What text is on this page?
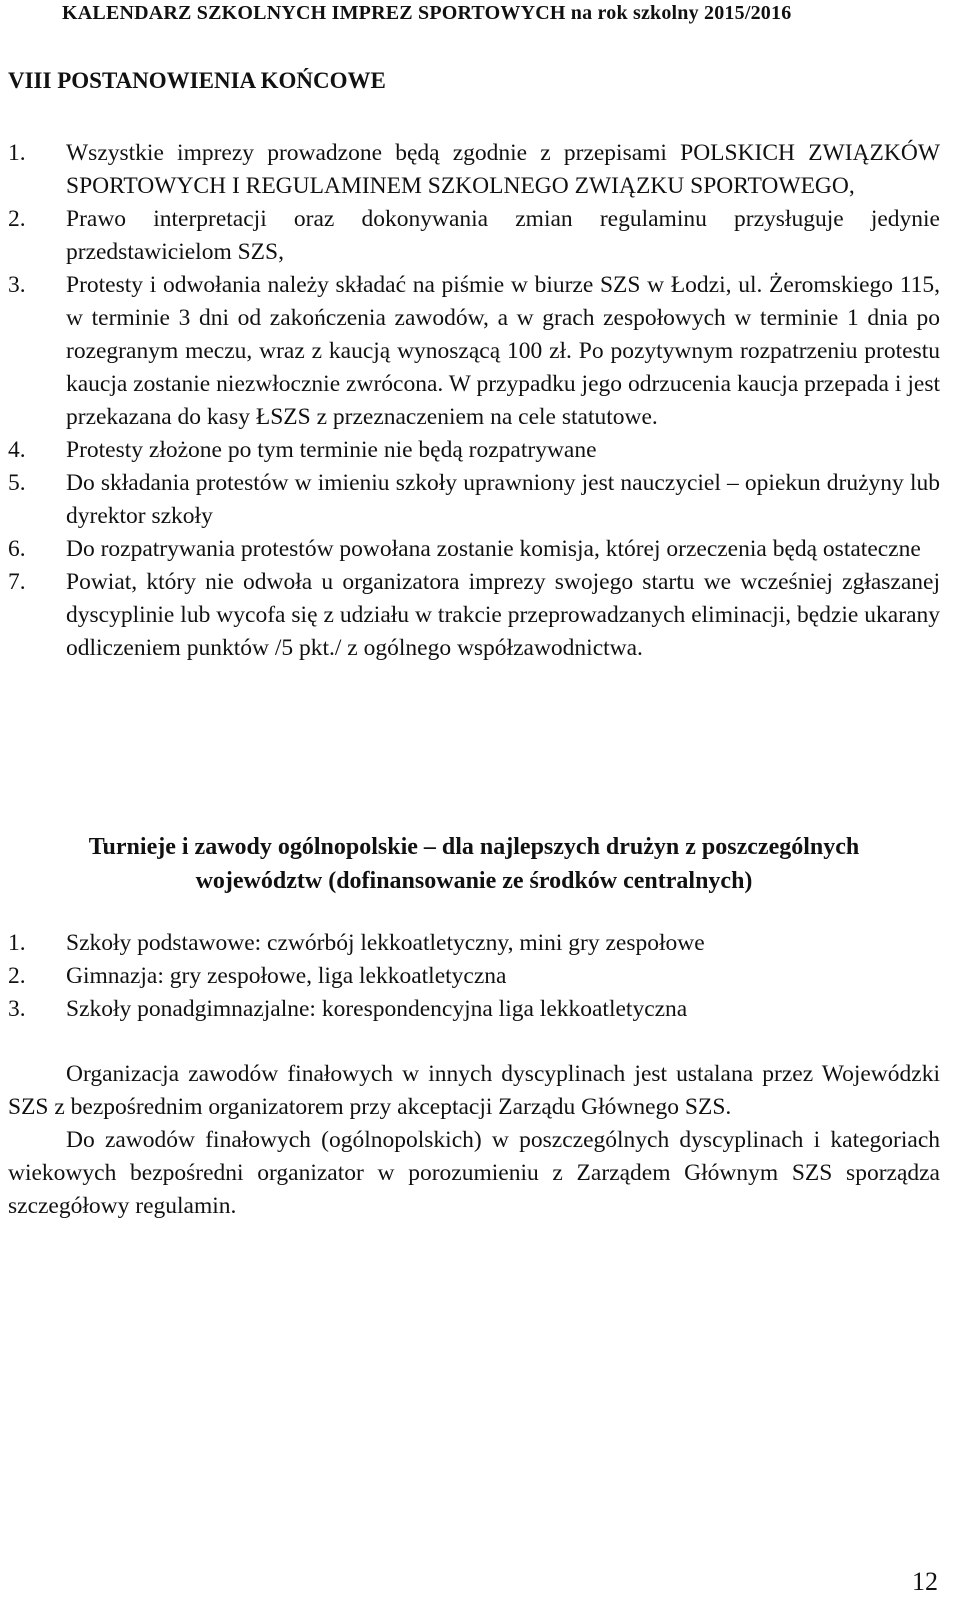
KALENDARZ SZKOLNYCH IMPREZ SPORTOWYCH na rok szkolny 2015/2016
VIII POSTANOWIENIA KOŃCOWE
1. Wszystkie imprezy prowadzone będą zgodnie z przepisami POLSKICH ZWIĄZKÓW SPORTOWYCH I REGULAMINEM SZKOLNEGO ZWIĄZKU SPORTOWEGO,
2. Prawo interpretacji oraz dokonywania zmian regulaminu przysługuje jedynie przedstawicielom SZS,
3. Protesty i odwołania należy składać na piśmie w biurze SZS w Łodzi, ul. Żeromskiego 115, w terminie 3 dni od zakończenia zawodów, a w grach zespołowych w terminie 1 dnia po rozegranym meczu, wraz z kaucją wynoszącą 100 zł. Po pozytywnym rozpatrzeniu protestu kaucja zostanie niezwłocznie zwrócona. W przypadku jego odrzucenia kaucja przepada i jest przekazana do kasy ŁSZS z przeznaczeniem na cele statutowe.
4. Protesty złożone po tym terminie nie będą rozpatrywane
5. Do składania protestów w imieniu szkoły uprawniony jest nauczyciel – opiekun drużyny lub dyrektor szkoły
6. Do rozpatrywania protestów powołana zostanie komisja, której orzeczenia będą ostateczne
7. Powiat, który nie odwoła u organizatora imprezy swojego startu we wcześniej zgłaszanej dyscyplinie lub wycofa się z udziału w trakcie przeprowadzanych eliminacji, będzie ukarany odliczeniem punktów /5 pkt./ z ogólnego współzawodnictwa.
Turnieje i zawody ogólnopolskie – dla najlepszych drużyn z poszczególnych
województw (dofinansowanie ze środków centralnych)
1. Szkoły podstawowe: czwórbój lekkoatletyczny, mini gry zespołowe
2. Gimnazja: gry zespołowe, liga lekkoatletyczna
3. Szkoły ponadgimnazjalne: korespondencyjna liga lekkoatletyczna

Organizacja zawodów finałowych w innych dyscyplinach jest ustalana przez Wojewódzki SZS z bezpośrednim organizatorem przy akceptacji Zarządu Głównego SZS.

Do zawodów finałowych (ogólnopolskich) w poszczególnych dyscyplinach i kategoriach wiekowych bezpośredni organizator w porozumieniu z Zarządem Głównym SZS sporządza szczegółowy regulamin.

12
